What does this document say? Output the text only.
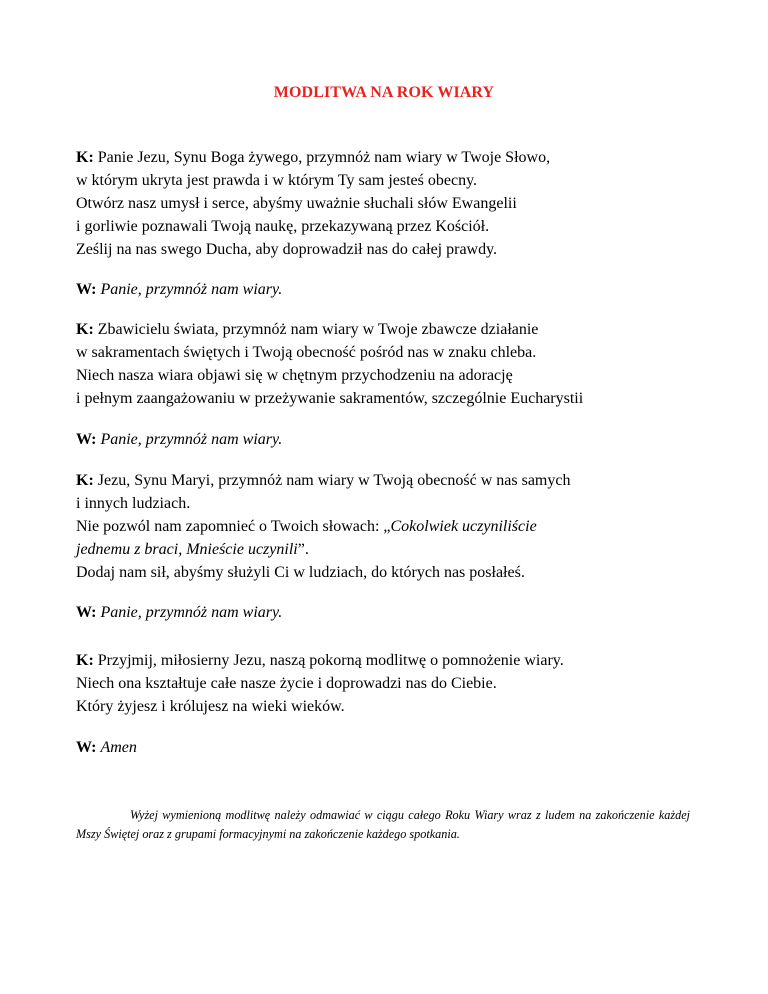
MODLITWA NA ROK WIARY
K: Panie Jezu, Synu Boga żywego, przymnóż nam wiary w Twoje Słowo,
w którym ukryta jest prawda i w którym Ty sam jesteś obecny.
Otwórz nasz umysł i serce, abyśmy uważnie słuchali słów Ewangelii
i gorliwie poznawali Twoją naukę, przekazywaną przez Kościół.
Ześlij na nas swego Ducha, aby doprowadził nas do całej prawdy.
W: Panie, przymnóż nam wiary.
K: Zbawicielu świata, przymnóż nam wiary w Twoje zbawcze działanie
w sakramentach świętych i Twoją obecność pośród nas w znaku chleba.
Niech nasza wiara objawi się w chętnym przychodzeniu na adorację
i pełnym zaangażowaniu w przeżywanie sakramentów, szczególnie Eucharystii
W: Panie, przymnóż nam wiary.
K: Jezu, Synu Maryi, przymnóż nam wiary w Twoją obecność w nas samych
i innych ludziach.
Nie pozwól nam zapomnieć o Twoich słowach: „Cokolwiek uczyniliście
jednemu z braci, Mnieście uczynili”.
Dodaj nam sił, abyśmy służyli Ci w ludziach, do których nas posłałeś.
W: Panie, przymnóż nam wiary.
K: Przyjmij, miłosierny Jezu, naszą pokorną modlitwę o pomnożenie wiary.
Niech ona kształtuje całe nasze życie i doprowadzi nas do Ciebie.
Który żyjesz i królujesz na wieki wieków.
W: Amen
Wyżej wymienioną modlitwę należy odmawiać w ciągu całego Roku Wiary wraz z ludem na zakończenie każdej Mszy Świętej oraz z grupami formacyjnymi na zakończenie każdego spotkania.
